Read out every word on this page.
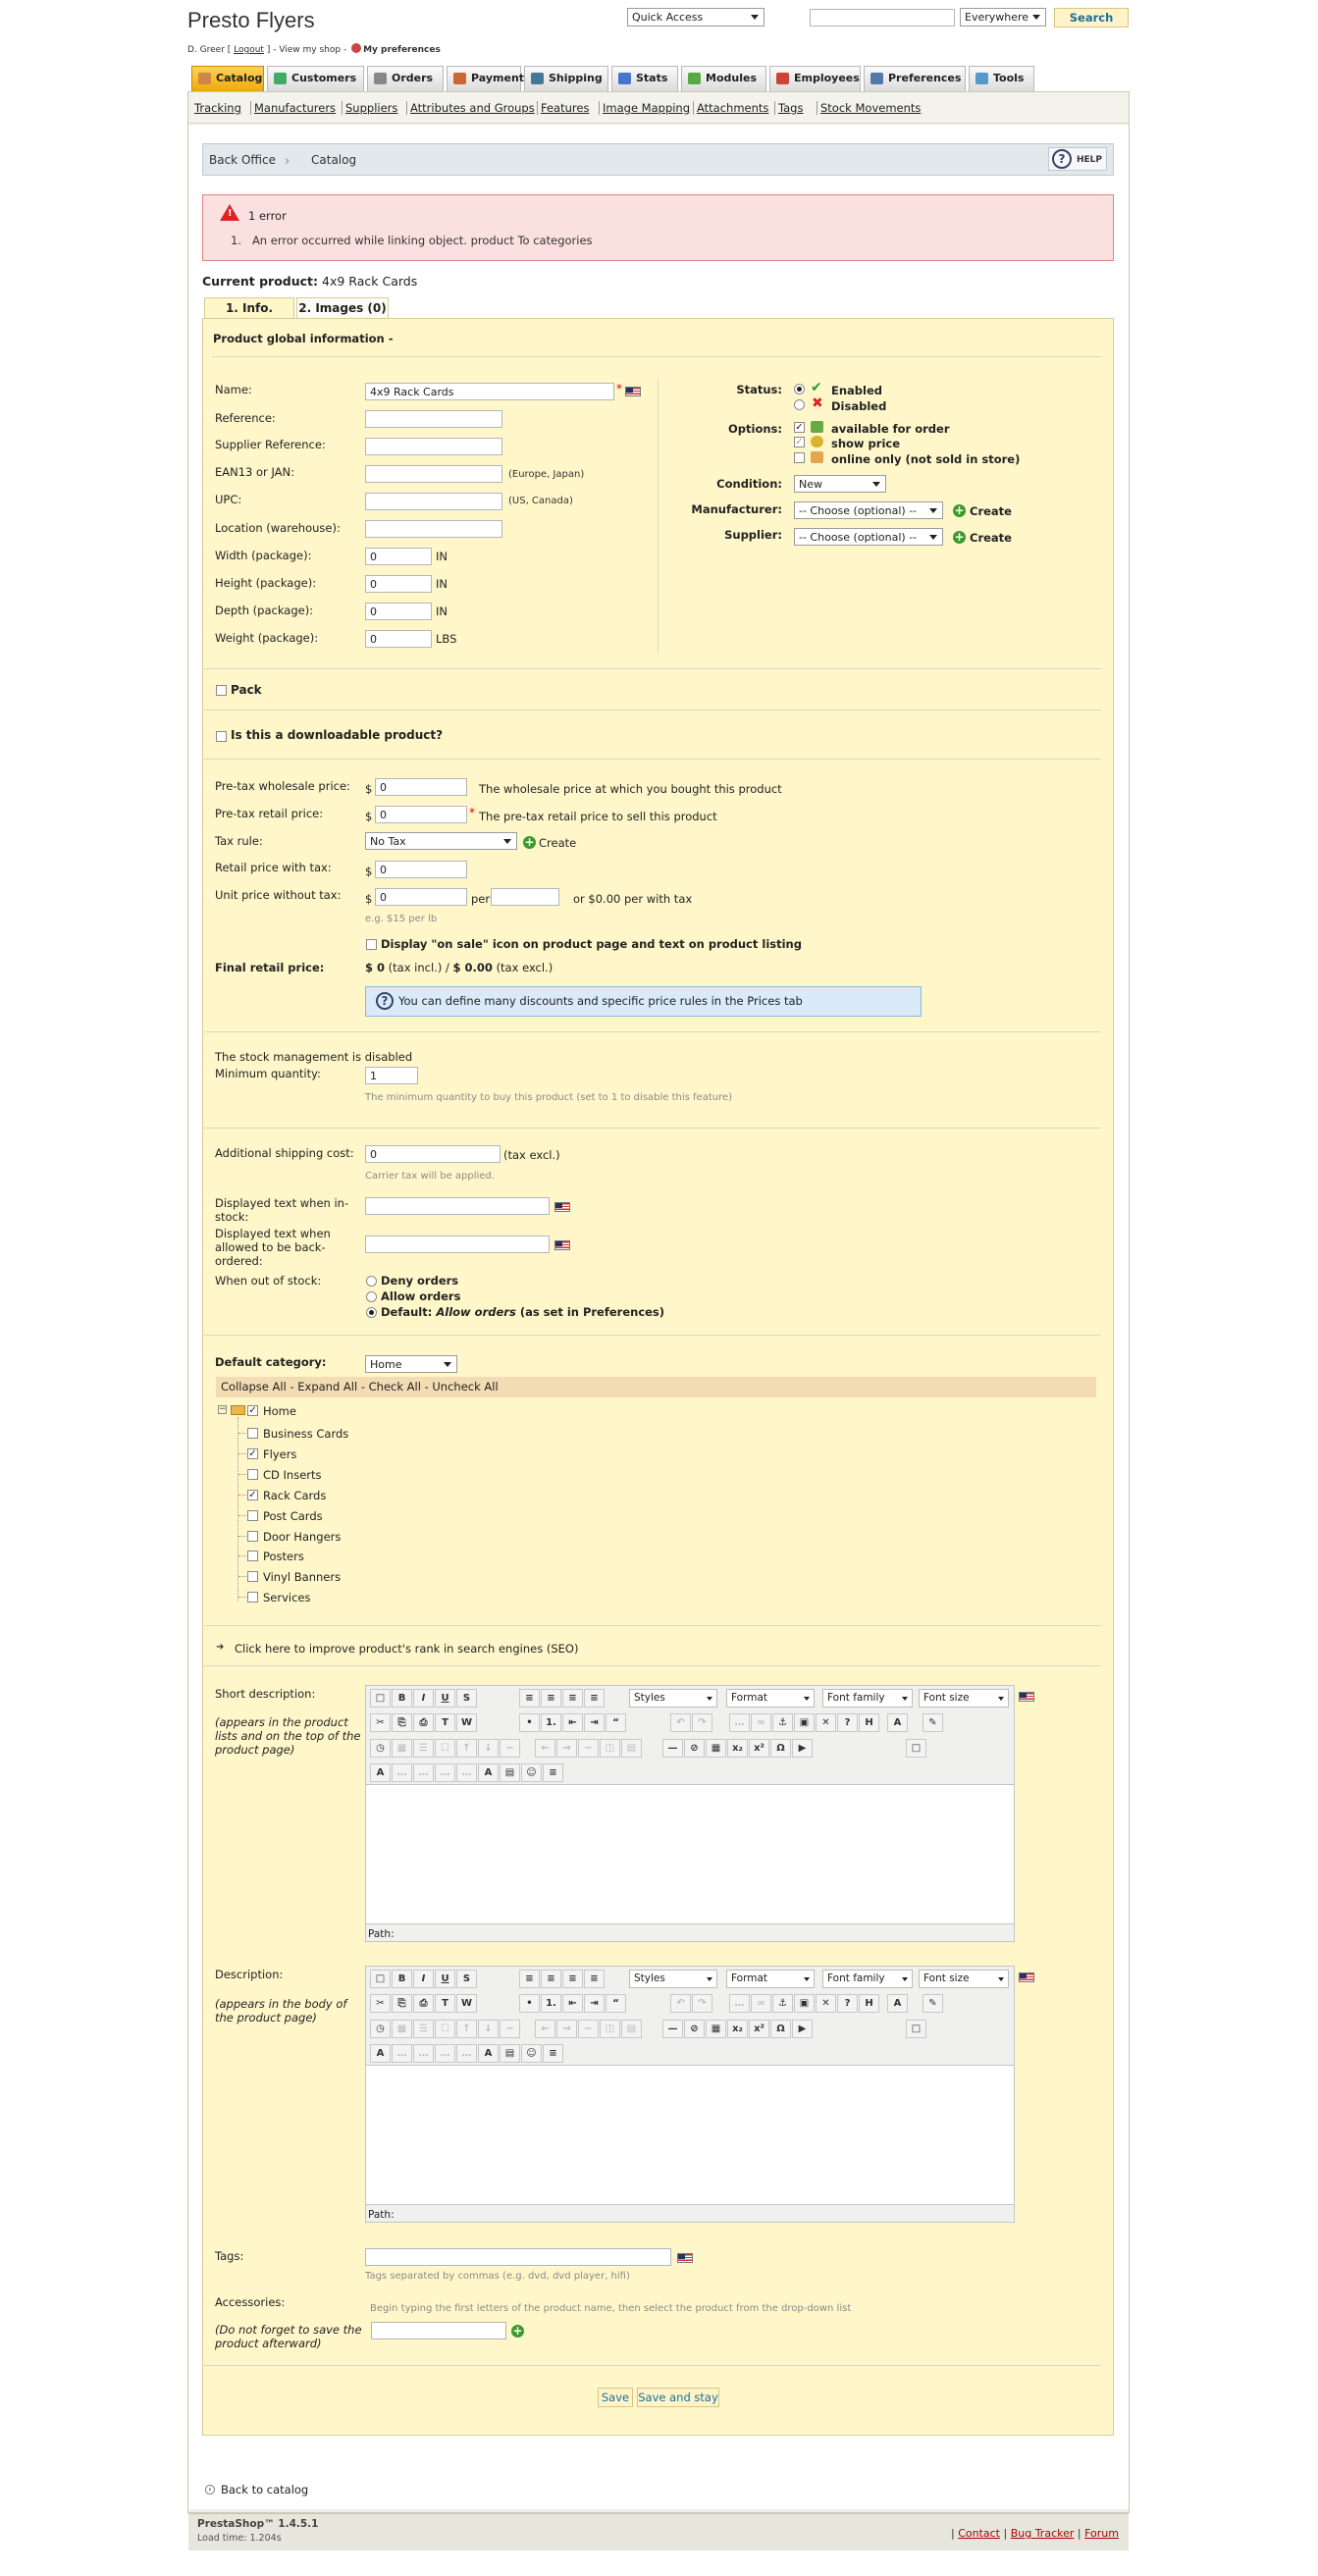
Presto Flyers
D. Greer [ Logout ] - View my shop - My preferences
Quick Access	Everywhere	Search
Catalog	Customers	Orders	Payment	Shipping	Stats	Modules	Employees	Preferences	Tools
Tracking Manufacturers Suppliers Attributes and Groups Features Image Mapping Attachments Tags Stock Movements
Back Office › Catalog	?	HELP
! 1 error
1.   An error occurred while linking object. product To categories
Current product: 4x9 Rack Cards
1. Info.	2. Images (0)
Product global information -
Name:	4x9 Rack Cards	*
Reference:
Supplier Reference:
EAN13 or JAN:	(Europe, Japan)
UPC:	(US, Canada)
Location (warehouse):
Width (package):	0	IN
Height (package):	0	IN
Depth (package):	0	IN
Weight (package):	0	LBS
Status: ✔ Enabled
✖ Disabled
Options: ✓ available for order
✓ show price
online only (not sold in store)
Condition:	New
Manufacturer:	-- Choose (optional) --	+ Create
Supplier:	-- Choose (optional) --	+ Create
Pack
Is this a downloadable product?
Pre-tax wholesale price: $ 0	The wholesale price at which you bought this product
Pre-tax retail price:	$ 0	* The pre-tax retail price to sell this product
Tax rule:	No Tax	+ Create
Retail price with tax:	$ 0
Unit price without tax: $ 0	per	or $0.00 per with tax
e.g. $15 per lb
Display "on sale" icon on product page and text on product listing
Final retail price:	$ 0 (tax incl.) / $ 0.00 (tax excl.)
? You can define many discounts and specific price rules in the Prices tab
The stock management is disabled
Minimum quantity:	1
The minimum quantity to buy this product (set to 1 to disable this feature)
Additional shipping cost:	0	(tax excl.)
Carrier tax will be applied.
Displayed text when in-stock:
Displayed text when allowed to be back-ordered:
When out of stock:	Deny orders
Allow orders
Default: Allow orders (as set in Preferences)
Default category:	Home
Collapse All - Expand All - Check All - Uncheck All
− ✓ Home
Business Cards
✓ Flyers
CD Inserts
✓ Rack Cards
Post Cards
Door Hangers
Posters
Vinyl Banners
Services
➜ Click here to improve product's rank in search engines (SEO)
Short description:
(appears in the product lists and on the top of the product page)
Path:
□	B	I	U	S	≡	≡	≡	≡	Styles	Format	Font family	Font size
✂	⎘	⎙	T	W	•	1.	⇤	⇥	“	↶	↷	…	∞	⚓	▣	✕	?	H	A	✎
◷	▦	☰	☐	↑	↓	−	←	→	−	◫	▤	—	⊘	▦	x₂	x²	Ω	▶	□
A	…	…	…	…	A	▤	☺	≡
Description:
(appears in the body of the product page)
Path:
□	B	I	U	S	≡	≡	≡	≡	Styles	Format	Font family	Font size
✂	⎘	⎙	T	W	•	1.	⇤	⇥	“	↶	↷	…	∞	⚓	▣	✕	?	H	A	✎
◷	▦	☰	☐	↑	↓	−	←	→	−	◫	▤	—	⊘	▦	x₂	x²	Ω	▶	□
A	…	…	…	…	A	▤	☺	≡
Tags:
Tags separated by commas (e.g. dvd, dvd player, hifi)
Accessories:	Begin typing the first letters of the product name, then select the product from the drop-down list
(Do not forget to save the product afterward)
+
Save Save and stay
‹ Back to catalog
PrestaShop™ 1.4.5.1
Load time: 1.204s	| Contact | Bug Tracker | Forum
